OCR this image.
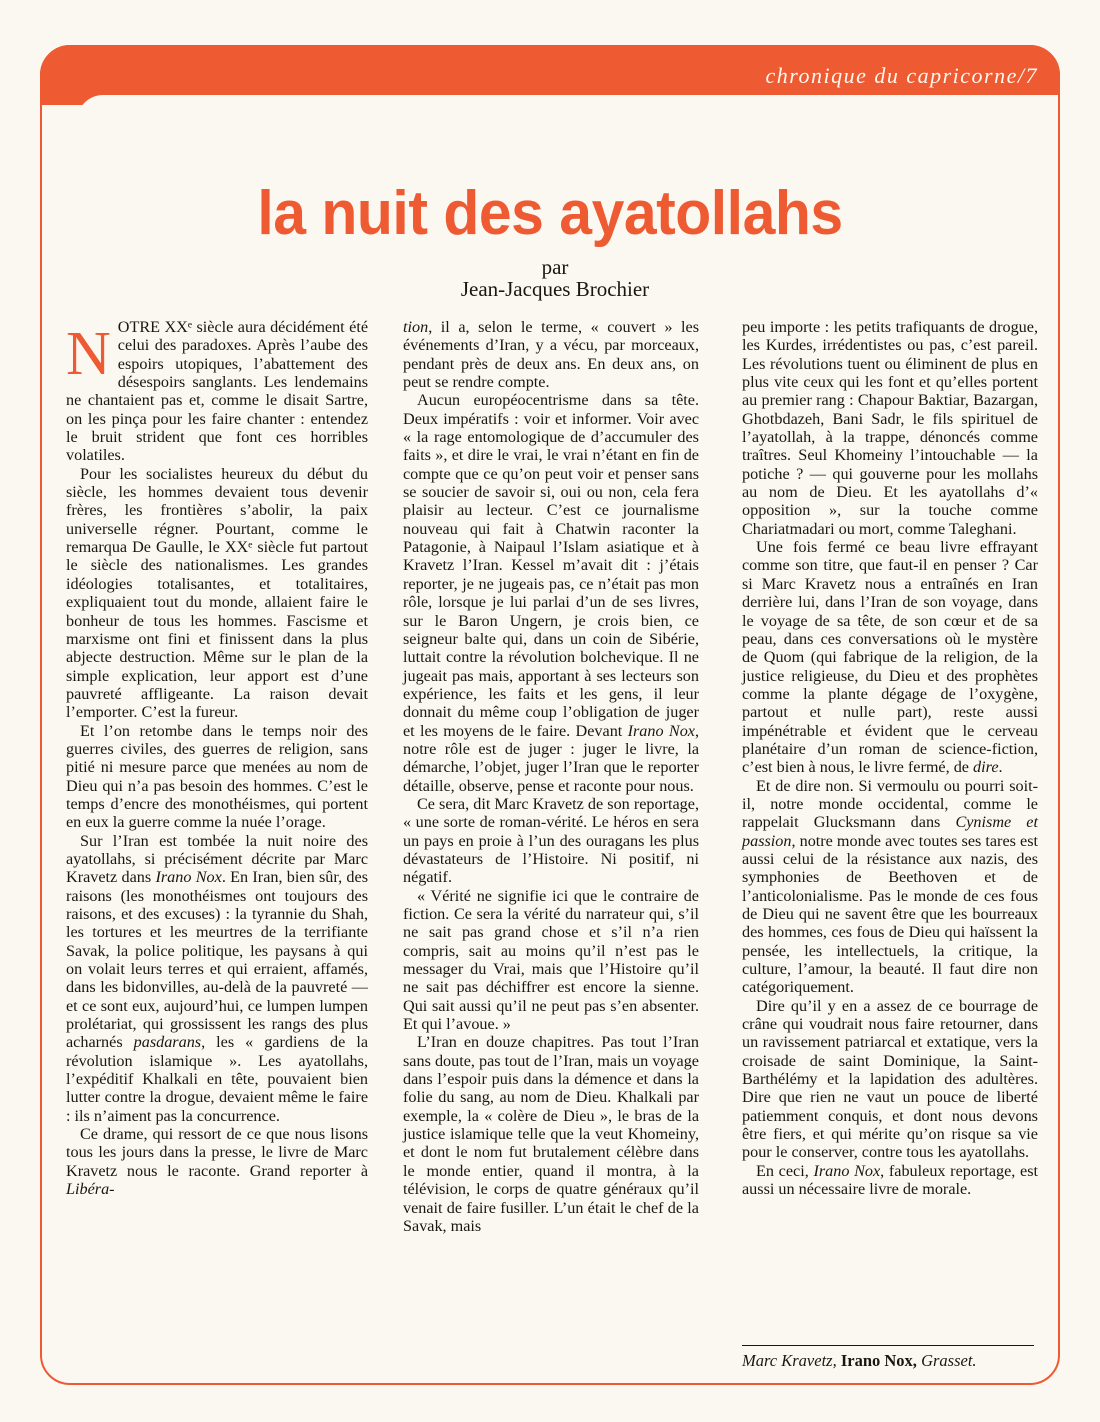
chronique du capricorne/7
la nuit des ayatollahs
par
Jean-Jacques Brochier

NOTRE XXᵉ siècle aura décidément été celui des paradoxes. Après l’aube des espoirs utopiques, l’abattement des désespoirs sanglants. Les lendemains ne chantaient pas et, comme le disait Sartre, on les pinça pour les faire chanter : entendez le bruit strident que font ces horribles volatiles.

Pour les socialistes heureux du début du siècle, les hommes devaient tous devenir frères, les frontières s’abolir, la paix universelle régner. Pourtant, comme le remarqua De Gaulle, le XXᵉ siècle fut partout le siècle des nationalismes. Les grandes idéologies totalisantes, et totalitaires, expliquaient tout du monde, allaient faire le bonheur de tous les hommes. Fascisme et marxisme ont fini et finissent dans la plus abjecte destruction. Même sur le plan de la simple explication, leur apport est d’une pauvreté affligeante. La raison devait l’emporter. C’est la fureur.

Et l’on retombe dans le temps noir des guerres civiles, des guerres de religion, sans pitié ni mesure parce que menées au nom de Dieu qui n’a pas besoin des hommes. C’est le temps d’encre des monothéismes, qui portent en eux la guerre comme la nuée l’orage.

Sur l’Iran est tombée la nuit noire des ayatollahs, si précisément décrite par Marc Kravetz dans Irano Nox. En Iran, bien sûr, des raisons (les monothéismes ont toujours des raisons, et des excuses) : la tyrannie du Shah, les tortures et les meurtres de la terrifiante Savak, la police politique, les paysans à qui on volait leurs terres et qui erraient, affamés, dans les bidonvilles, au-delà de la pauvreté — et ce sont eux, aujourd’hui, ce lumpen lumpen prolétariat, qui grossissent les rangs des plus acharnés pasdarans, les « gardiens de la révolution islamique ». Les ayatollahs, l’expéditif Khalkali en tête, pouvaient bien lutter contre la drogue, devaient même le faire : ils n’aiment pas la concurrence.

Ce drame, qui ressort de ce que nous lisons tous les jours dans la presse, le livre de Marc Kravetz nous le raconte. Grand reporter à Libéra-

tion, il a, selon le terme, « couvert » les événements d’Iran, y a vécu, par morceaux, pendant près de deux ans. En deux ans, on peut se rendre compte.

Aucun européocentrisme dans sa tête. Deux impératifs : voir et informer. Voir avec « la rage entomologique de d’accumuler des faits », et dire le vrai, le vrai n’étant en fin de compte que ce qu’on peut voir et penser sans se soucier de savoir si, oui ou non, cela fera plaisir au lecteur. C’est ce journalisme nouveau qui fait à Chatwin raconter la Patagonie, à Naipaul l’Islam asiatique et à Kravetz l’Iran. Kessel m’avait dit : j’étais reporter, je ne jugeais pas, ce n’était pas mon rôle, lorsque je lui parlai d’un de ses livres, sur le Baron Ungern, je crois bien, ce seigneur balte qui, dans un coin de Sibérie, luttait contre la révolution bolchevique. Il ne jugeait pas mais, apportant à ses lecteurs son expérience, les faits et les gens, il leur donnait du même coup l’obligation de juger et les moyens de le faire. Devant Irano Nox, notre rôle est de juger : juger le livre, la démarche, l’objet, juger l’Iran que le reporter détaille, observe, pense et raconte pour nous.

Ce sera, dit Marc Kravetz de son reportage, « une sorte de roman-vérité. Le héros en sera un pays en proie à l’un des ouragans les plus dévastateurs de l’Histoire. Ni positif, ni négatif.

« Vérité ne signifie ici que le contraire de fiction. Ce sera la vérité du narrateur qui, s’il ne sait pas grand chose et s’il n’a rien compris, sait au moins qu’il n’est pas le messager du Vrai, mais que l’Histoire qu’il ne sait pas déchiffrer est encore la sienne. Qui sait aussi qu’il ne peut pas s’en absenter. Et qui l’avoue. »

L’Iran en douze chapitres. Pas tout l’Iran sans doute, pas tout de l’Iran, mais un voyage dans l’espoir puis dans la démence et dans la folie du sang, au nom de Dieu. Khalkali par exemple, la « colère de Dieu », le bras de la justice islamique telle que la veut Khomeiny, et dont le nom fut brutalement célèbre dans le monde entier, quand il montra, à la télévision, le corps de quatre généraux qu’il venait de faire fusiller. L’un était le chef de la Savak, mais

peu importe : les petits trafiquants de drogue, les Kurdes, irrédentistes ou pas, c’est pareil. Les révolutions tuent ou éliminent de plus en plus vite ceux qui les font et qu’elles portent au premier rang : Chapour Baktiar, Bazargan, Ghotbdazeh, Bani Sadr, le fils spirituel de l’ayatollah, à la trappe, dénoncés comme traîtres. Seul Khomeiny l’intouchable — la potiche ? — qui gouverne pour les mollahs au nom de Dieu. Et les ayatollahs d’« opposition », sur la touche comme Chariatmadari ou mort, comme Taleghani.

Une fois fermé ce beau livre effrayant comme son titre, que faut-il en penser ? Car si Marc Kravetz nous a entraînés en Iran derrière lui, dans l’Iran de son voyage, dans le voyage de sa tête, de son cœur et de sa peau, dans ces conversations où le mystère de Quom (qui fabrique de la religion, de la justice religieuse, du Dieu et des prophètes comme la plante dégage de l’oxygène, partout et nulle part), reste aussi impénétrable et évident que le cerveau planétaire d’un roman de science-fiction, c’est bien à nous, le livre fermé, de dire.

Et de dire non. Si vermoulu ou pourri soit-il, notre monde occidental, comme le rappelait Glucksmann dans Cynisme et passion, notre monde avec toutes ses tares est aussi celui de la résistance aux nazis, des symphonies de Beethoven et de l’anticolonialisme. Pas le monde de ces fous de Dieu qui ne savent être que les bourreaux des hommes, ces fous de Dieu qui haïssent la pensée, les intellectuels, la critique, la culture, l’amour, la beauté. Il faut dire non catégoriquement.

Dire qu’il y en a assez de ce bourrage de crâne qui voudrait nous faire retourner, dans un ravissement patriarcal et extatique, vers la croisade de saint Dominique, la Saint-Barthélémy et la lapidation des adultères. Dire que rien ne vaut un pouce de liberté patiemment conquis, et dont nous devons être fiers, et qui mérite qu’on risque sa vie pour le conserver, contre tous les ayatollahs.

En ceci, Irano Nox, fabuleux reportage, est aussi un nécessaire livre de morale.

Marc Kravetz, Irano Nox, Grasset.
